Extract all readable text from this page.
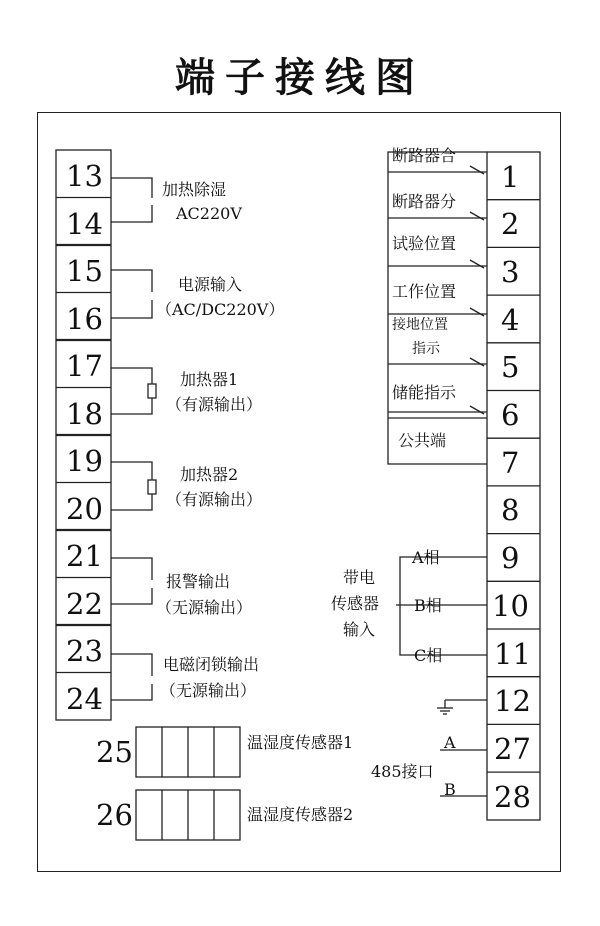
端子接线图
13
14
15
16
17
18
19
20
21
22
23
24
加热除湿
AC220V
电源输入
（AC/DC220V）
加热器1
（有源输出）
加热器2
（有源输出）
报警输出
（无源输出）
电磁闭锁输出
（无源输出）
1
2
3
4
5
6
7
8
9
10
11
12
27
28
断路器合
断路器分
试验位置
工作位置
接地位置
指示
储能指示
公共端
带电
传感器
输入
A相
B相
C相
A
485接口
B
25	温湿度传感器1
26	温湿度传感器2
